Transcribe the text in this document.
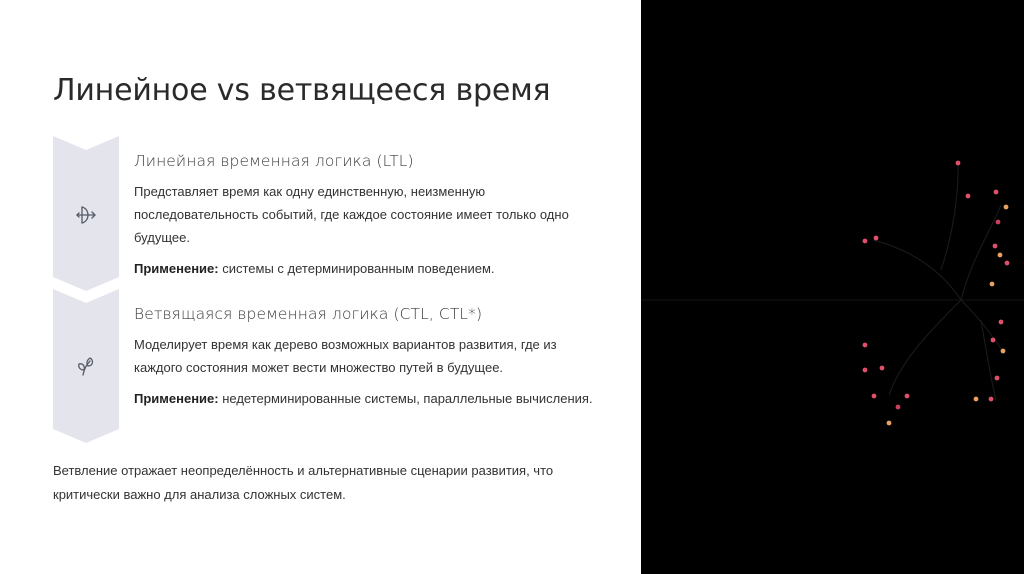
Линейное vs ветвящееся время
Линейная временная логика (LTL)

Представляет время как одну единственную, неизменную последовательность событий, где каждое состояние имеет только одно будущее.

Применение: системы с детерминированным поведением.

Ветвящаяся временная логика (CTL, CTL*)

Моделирует время как дерево возможных вариантов развития, где из каждого состояния может вести множество путей в будущее.

Применение: недетерминированные системы, параллельные вычисления.

Ветвление отражает неопределённость и альтернативные сценарии развития, что критически важно для анализа сложных систем.
